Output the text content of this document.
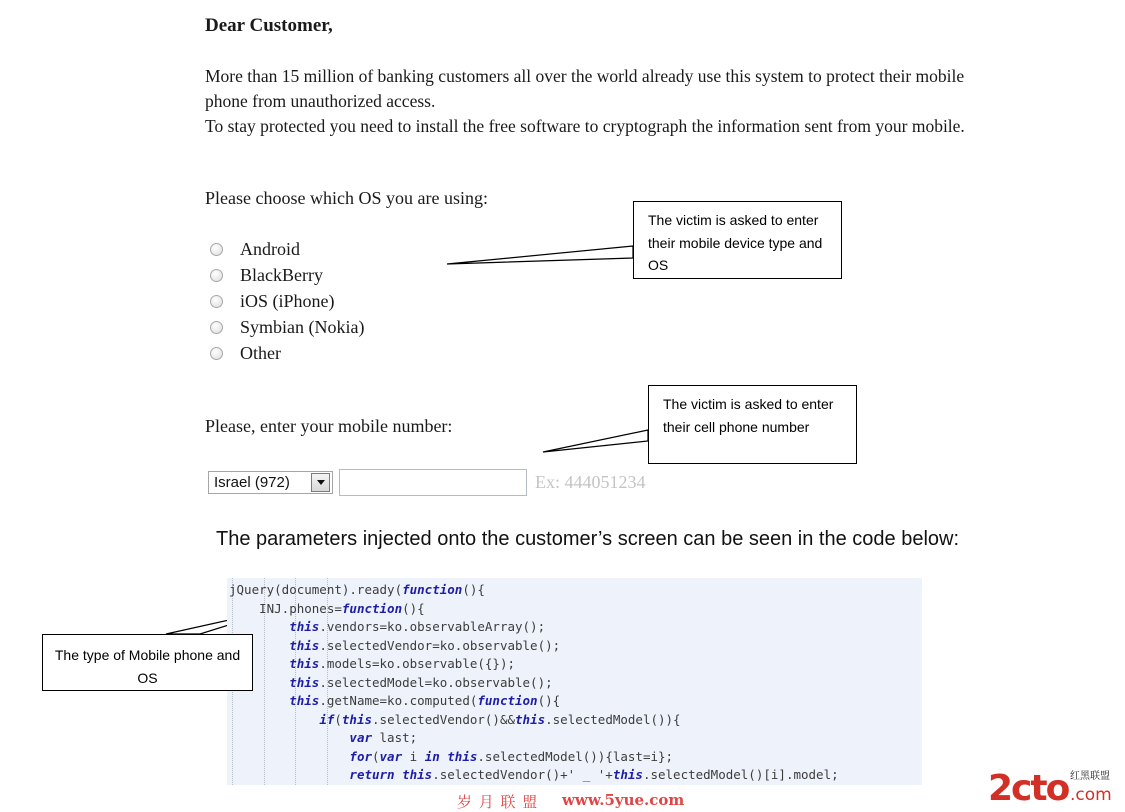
Dear Customer,

More than 15 million of banking customers all over the world already use this system to protect their mobile phone from unauthorized access.

To stay protected you need to install the free software to cryptograph the information sent from your mobile.

Please choose which OS you are using:
Android
BlackBerry
iOS (iPhone)
Symbian (Nokia)
Other
Please, enter your mobile number:
Israel (972)	Ex: 444051234
The victim is asked to enter their mobile device type and OS
The victim is asked to enter their cell phone number
The parameters injected onto the customer’s screen can be seen in the code below:
jQuery(document).ready(function(){
INJ.phones=function(){
this.vendors=ko.observableArray();
this.selectedVendor=ko.observable();
this.models=ko.observable({});
this.selectedModel=ko.observable();
this.getName=ko.computed(function(){
if(this.selectedVendor()&&this.selectedModel()){
var last;
for(var i in this.selectedModel()){last=i};
return this.selectedVendor()+' _ '+this.selectedModel()[i].model;
The type of Mobile phone and OS
岁 月 联 盟 www.5yue.com	2cto 红黑联盟
.com
